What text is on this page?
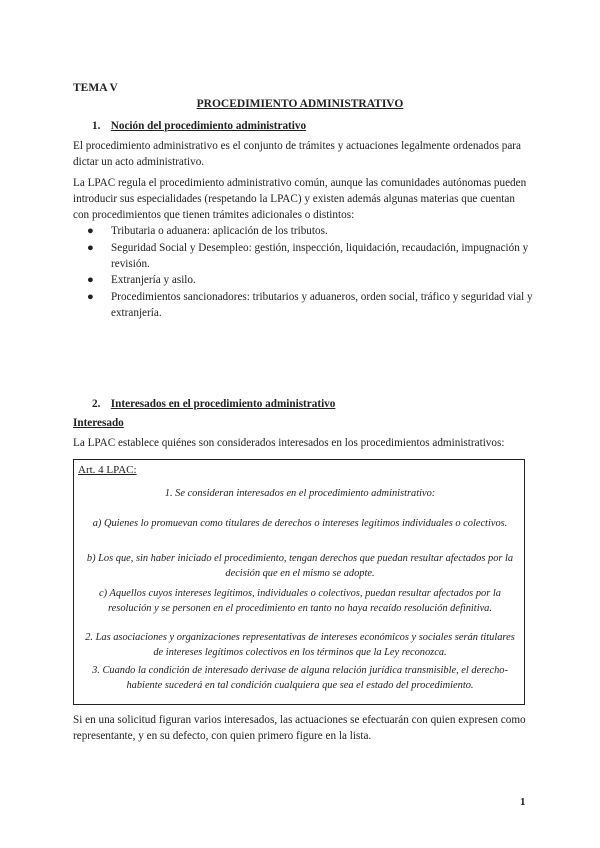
TEMA V
PROCEDIMIENTO ADMINISTRATIVO
1. Noción del procedimiento administrativo

El procedimiento administrativo es el conjunto de trámites y actuaciones legalmente ordenados para dictar un acto administrativo.

La LPAC regula el procedimiento administrativo común, aunque las comunidades autónomas pueden introducir sus especialidades (respetando la LPAC) y existen además algunas materias que cuentan con procedimientos que tienen trámites adicionales o distintos:

● Tributaria o aduanera: aplicación de los tributos.
● Seguridad Social y Desempleo: gestión, inspección, liquidación, recaudación, impugnación y revisión.
● Extranjería y asilo.
● Procedimientos sancionadores: tributarios y aduaneros, orden social, tráfico y seguridad vial y extranjería.
2. Interesados en el procedimiento administrativo
Interesado

La LPAC establece quiénes son considerados interesados en los procedimientos administrativos:

Art. 4 LPAC:

1. Se consideran interesados en el procedimiento administrativo:

a) Quienes lo promuevan como titulares de derechos o intereses legítimos individuales o colectivos.

b) Los que, sin haber iniciado el procedimiento, tengan derechos que puedan resultar afectados por la decisión que en el mismo se adopte.

c) Aquellos cuyos intereses legítimos, individuales o colectivos, puedan resultar afectados por la resolución y se personen en el procedimiento en tanto no haya recaído resolución definitiva.

2. Las asociaciones y organizaciones representativas de intereses económicos y sociales serán titulares de intereses legítimos colectivos en los términos que la Ley reconozca.

3. Cuando la condición de interesado derivase de alguna relación jurídica transmisible, el derecho-habiente sucederá en tal condición cualquiera que sea el estado del procedimiento.

Si en una solicitud figuran varios interesados, las actuaciones se efectuarán con quien expresen como representante, y en su defecto, con quien primero figure en la lista.

1
